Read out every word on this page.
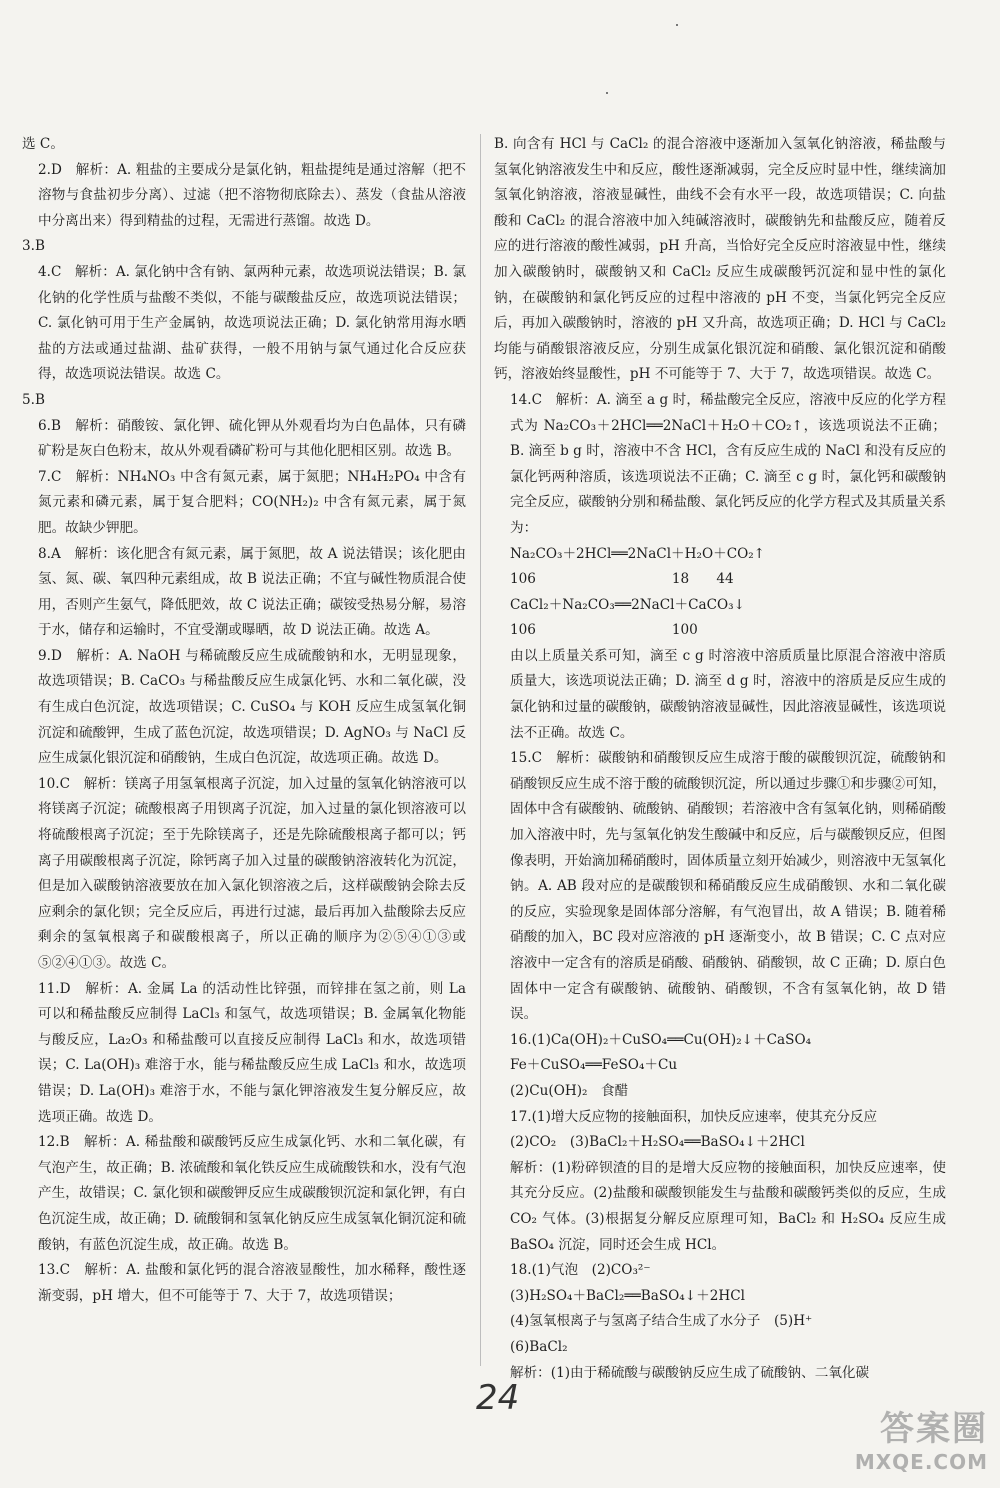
选 C。

2.D　解析：A. 粗盐的主要成分是氯化钠，粗盐提纯是通过溶解（把不溶物与食盐初步分离）、过滤（把不溶物彻底除去）、蒸发（食盐从溶液中分离出来）得到精盐的过程，无需进行蒸馏。故选 D。

3.B

4.C　解析：A. 氯化钠中含有钠、氯两种元素，故选项说法错误；B. 氯化钠的化学性质与盐酸不类似，不能与碳酸盐反应，故选项说法错误；C. 氯化钠可用于生产金属钠，故选项说法正确；D. 氯化钠常用海水晒盐的方法或通过盐湖、盐矿获得，一般不用钠与氯气通过化合反应获得，故选项说法错误。故选 C。

5.B

6.B　解析：硝酸铵、氯化钾、硫化钾从外观看均为白色晶体，只有磷矿粉是灰白色粉末，故从外观看磷矿粉可与其他化肥相区别。故选 B。

7.C　解析：NH₄NO₃ 中含有氮元素，属于氮肥；NH₄H₂PO₄ 中含有氮元素和磷元素，属于复合肥料；CO(NH₂)₂ 中含有氮元素，属于氮肥。故缺少钾肥。

8.A　解析：该化肥含有氮元素，属于氮肥，故 A 说法错误；该化肥由氢、氮、碳、氧四种元素组成，故 B 说法正确；不宜与碱性物质混合使用，否则产生氨气，降低肥效，故 C 说法正确；碳铵受热易分解，易溶于水，储存和运输时，不宜受潮或曝晒，故 D 说法正确。故选 A。

9.D　解析：A. NaOH 与稀硫酸反应生成硫酸钠和水，无明显现象，故选项错误；B. CaCO₃ 与稀盐酸反应生成氯化钙、水和二氧化碳，没有生成白色沉淀，故选项错误；C. CuSO₄ 与 KOH 反应生成氢氧化铜沉淀和硫酸钾，生成了蓝色沉淀，故选项错误；D. AgNO₃ 与 NaCl 反应生成氯化银沉淀和硝酸钠，生成白色沉淀，故选项正确。故选 D。

10.C　解析：镁离子用氢氧根离子沉淀，加入过量的氢氧化钠溶液可以将镁离子沉淀；硫酸根离子用钡离子沉淀，加入过量的氯化钡溶液可以将硫酸根离子沉淀；至于先除镁离子，还是先除硫酸根离子都可以；钙离子用碳酸根离子沉淀，除钙离子加入过量的碳酸钠溶液转化为沉淀，但是加入碳酸钠溶液要放在加入氯化钡溶液之后，这样碳酸钠会除去反应剩余的氯化钡；完全反应后，再进行过滤，最后再加入盐酸除去反应剩余的氢氧根离子和碳酸根离子，所以正确的顺序为②⑤④①③或⑤②④①③。故选 C。

11.D　解析：A. 金属 La 的活动性比锌强，而锌排在氢之前，则 La 可以和稀盐酸反应制得 LaCl₃ 和氢气，故选项错误；B. 金属氧化物能与酸反应，La₂O₃ 和稀盐酸可以直接反应制得 LaCl₃ 和水，故选项错误；C. La(OH)₃ 难溶于水，能与稀盐酸反应生成 LaCl₃ 和水，故选项错误；D. La(OH)₃ 难溶于水，不能与氯化钾溶液发生复分解反应，故选项正确。故选 D。

12.B　解析：A. 稀盐酸和碳酸钙反应生成氯化钙、水和二氧化碳，有气泡产生，故正确；B. 浓硫酸和氧化铁反应生成硫酸铁和水，没有气泡产生，故错误；C. 氯化钡和碳酸钾反应生成碳酸钡沉淀和氯化钾，有白色沉淀生成，故正确；D. 硫酸铜和氢氧化钠反应生成氢氧化铜沉淀和硫酸钠，有蓝色沉淀生成，故正确。故选 B。

13.C　解析：A. 盐酸和氯化钙的混合溶液显酸性，加水稀释，酸性逐渐变弱，pH 增大，但不可能等于 7、大于 7，故选项错误；

B. 向含有 HCl 与 CaCl₂ 的混合溶液中逐渐加入氢氧化钠溶液，稀盐酸与氢氧化钠溶液发生中和反应，酸性逐渐减弱，完全反应时显中性，继续滴加氢氧化钠溶液，溶液显碱性，曲线不会有水平一段，故选项错误；C. 向盐酸和 CaCl₂ 的混合溶液中加入纯碱溶液时，碳酸钠先和盐酸反应，随着反应的进行溶液的酸性减弱，pH 升高，当恰好完全反应时溶液显中性，继续加入碳酸钠时，碳酸钠又和 CaCl₂ 反应生成碳酸钙沉淀和显中性的氯化钠，在碳酸钠和氯化钙反应的过程中溶液的 pH 不变，当氯化钙完全反应后，再加入碳酸钠时，溶液的 pH 又升高，故选项正确；D. HCl 与 CaCl₂ 均能与硝酸银溶液反应，分别生成氯化银沉淀和硝酸、氯化银沉淀和硝酸钙，溶液始终显酸性，pH 不可能等于 7、大于 7，故选项错误。故选 C。

14.C　解析：A. 滴至 a g 时，稀盐酸完全反应，溶液中反应的化学方程式为 Na₂CO₃＋2HCl══2NaCl＋H₂O＋CO₂↑，该选项说法不正确；B. 滴至 b g 时，溶液中不含 HCl，含有反应生成的 NaCl 和没有反应的氯化钙两种溶质，该选项说法不正确；C. 滴至 c g 时，氯化钙和碳酸钠完全反应，碳酸钠分别和稀盐酸、氯化钙反应的化学方程式及其质量关系为：

Na₂CO₃＋2HCl══2NaCl＋H₂O＋CO₂↑

106　　　　　　　　　　18　　44

CaCl₂＋Na₂CO₃══2NaCl＋CaCO₃↓

106　　　　　　　　　　100

由以上质量关系可知，滴至 c g 时溶液中溶质质量比原混合溶液中溶质质量大，该选项说法正确；D. 滴至 d g 时，溶液中的溶质是反应生成的氯化钠和过量的碳酸钠，碳酸钠溶液显碱性，因此溶液显碱性，该选项说法不正确。故选 C。

15.C　解析：碳酸钠和硝酸钡反应生成溶于酸的碳酸钡沉淀，硫酸钠和硝酸钡反应生成不溶于酸的硫酸钡沉淀，所以通过步骤①和步骤②可知，固体中含有碳酸钠、硫酸钠、硝酸钡；若溶液中含有氢氧化钠，则稀硝酸加入溶液中时，先与氢氧化钠发生酸碱中和反应，后与碳酸钡反应，但图像表明，开始滴加稀硝酸时，固体质量立刻开始减少，则溶液中无氢氧化钠。A. AB 段对应的是碳酸钡和稀硝酸反应生成硝酸钡、水和二氧化碳的反应，实验现象是固体部分溶解，有气泡冒出，故 A 错误；B. 随着稀硝酸的加入，BC 段对应溶液的 pH 逐渐变小，故 B 错误；C. C 点对应溶液中一定含有的溶质是硝酸、硝酸钠、硝酸钡，故 C 正确；D. 原白色固体中一定含有碳酸钠、硫酸钠、硝酸钡，不含有氢氧化钠，故 D 错误。

16.(1)Ca(OH)₂＋CuSO₄══Cu(OH)₂↓＋CaSO₄

Fe＋CuSO₄══FeSO₄＋Cu

(2)Cu(OH)₂　食醋

17.(1)增大反应物的接触面积，加快反应速率，使其充分反应

(2)CO₂　(3)BaCl₂＋H₂SO₄══BaSO₄↓＋2HCl

解析：(1)粉碎钡渣的目的是增大反应物的接触面积，加快反应速率，使其充分反应。(2)盐酸和碳酸钡能发生与盐酸和碳酸钙类似的反应，生成 CO₂ 气体。(3)根据复分解反应原理可知，BaCl₂ 和 H₂SO₄ 反应生成 BaSO₄ 沉淀，同时还会生成 HCl。

18.(1)气泡　(2)CO₃²⁻

(3)H₂SO₄＋BaCl₂══BaSO₄↓＋2HCl

(4)氢氧根离子与氢离子结合生成了水分子　(5)H⁺

(6)BaCl₂

解析：(1)由于稀硫酸与碳酸钠反应生成了硫酸钠、二氧化碳

24
答案圈
MXQE.COM
